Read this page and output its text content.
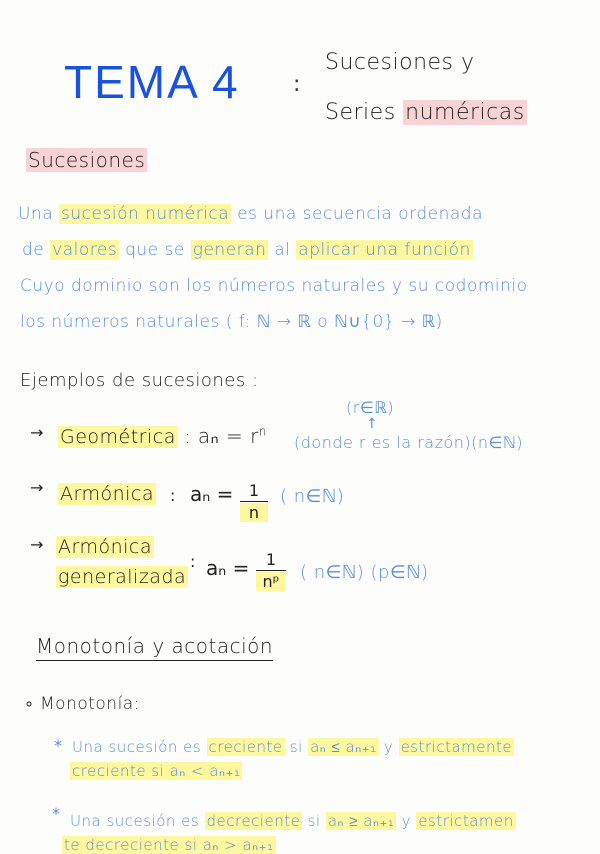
TEMA 4 :
Sucesiones y
Series numéricas
Sucesiones
Una sucesión numérica es una secuencia ordenada
de valores que se generan al aplicar una función
Cuyo dominio son los números naturales y su codominio
los números naturales ( f: ℕ → ℝ o ℕ∪{0} → ℝ)
Ejemplos de sucesiones :
(r∈ℝ)
↑
→ Geométrica : $a_n = r^n$
(donde r es la razón)(n∈ℕ)
→ Armónica : aₙ = 1
n
( n∈ℕ)
→ Armónica
generalizada
: aₙ =	1
nᵖ	( n∈ℕ) (p∈ℕ)
Monotonía y acotación
∘ Monotonía:
* Una sucesión es creciente si aₙ ≤ aₙ₊₁ y estrictamente
creciente si aₙ < aₙ₊₁
* Una sucesión es decreciente si aₙ ≥ aₙ₊₁ y estrictamen
te decreciente si aₙ > aₙ₊₁
